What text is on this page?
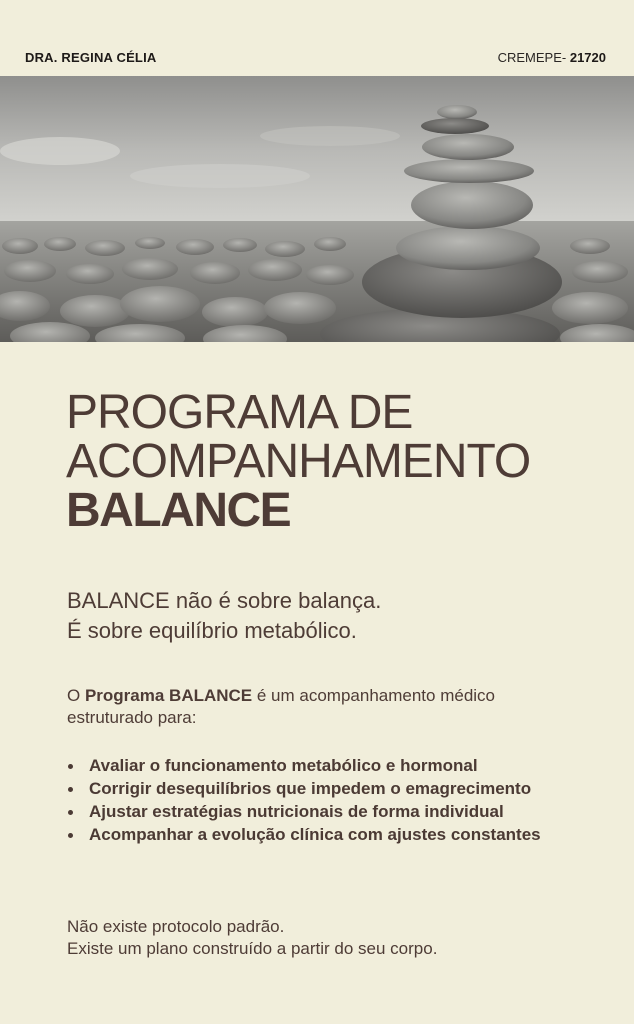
DRA. REGINA CÉLIA	CREMEPE- 21720
PROGRAMA DE
ACOMPANHAMENTO
BALANCE
BALANCE não é sobre balança.
É sobre equilíbrio metabólico.
O Programa BALANCE é um acompanhamento médico estruturado para:
Avaliar o funcionamento metabólico e hormonal
Corrigir desequilíbrios que impedem o emagrecimento
Ajustar estratégias nutricionais de forma individual
Acompanhar a evolução clínica com ajustes constantes
Não existe protocolo padrão.
Existe um plano construído a partir do seu corpo.
